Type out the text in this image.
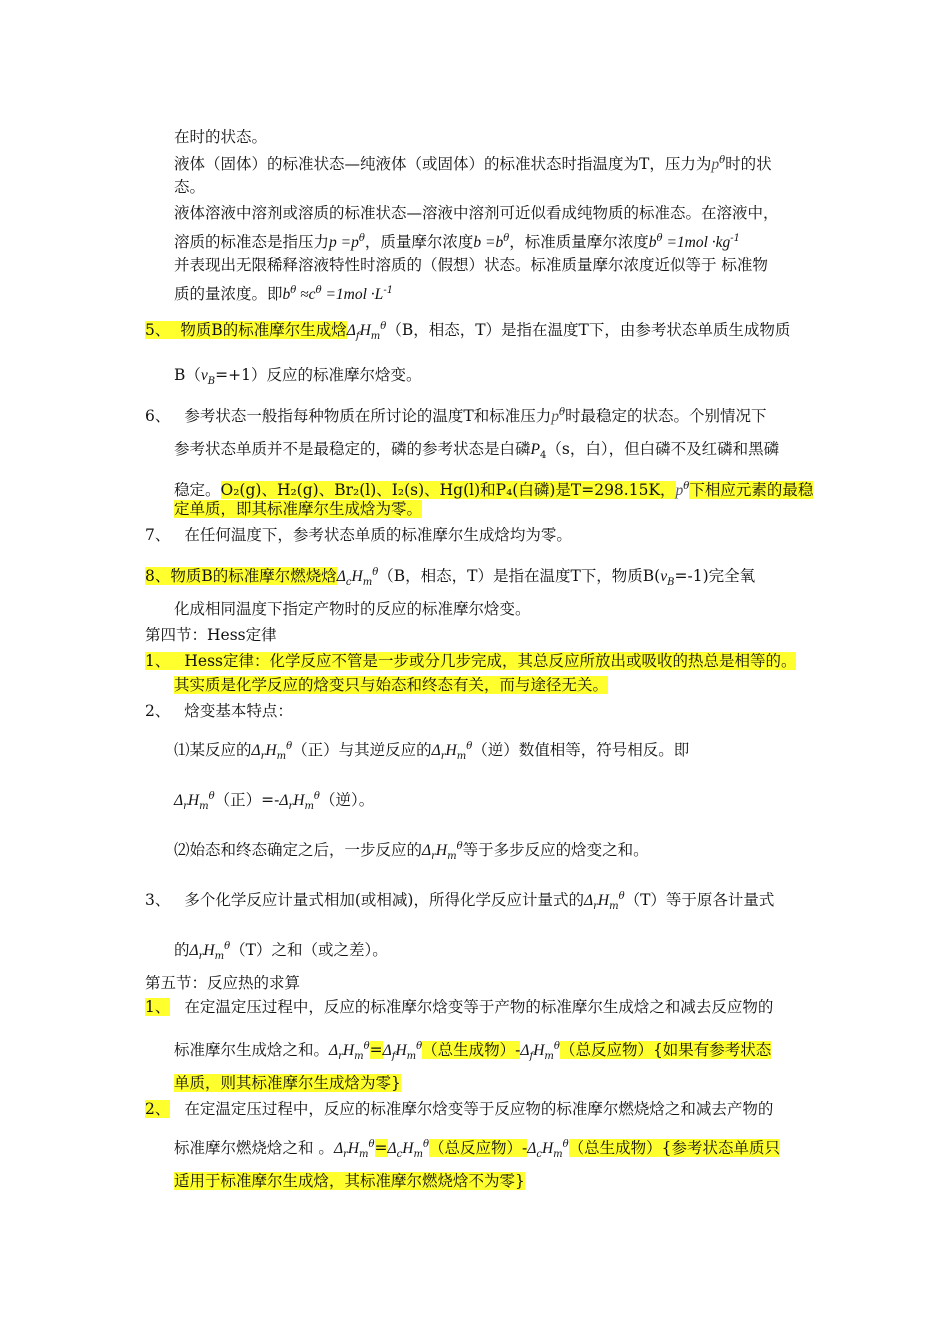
在时的状态。
液体（固体）的标准状态—纯液体（或固体）的标准状态时指温度为T，压力为$p^\theta$时的状
态。
液体溶液中溶剂或溶质的标准状态—溶液中溶剂可近似看成纯物质的标准态。在溶液中，
溶质的标准态是指压力$p =p^\theta$，质量摩尔浓度$b =b^\theta$，标准质量摩尔浓度$b^\theta =1mol \cdot kg^{-1}$
并表现出无限稀释溶液特性时溶质的（假想）状态。标准质量摩尔浓度近似等于 标准物
质的量浓度。即$b^\theta \approx c^\theta =1mol \cdot L^{-1}$
5、 物质B的标准摩尔生成焓$\Delta_fH_m^\theta(B$，相态，T）是指在温度T下，由参考状态单质生成物质
$B(\nu_B=+1)$反应的标准摩尔焓变。
6、 参考状态一般指每种物质在所讨论的温度T和标准压力$p^\theta$时最稳定的状态。个别情况下
参考状态单质并不是最稳定的，磷的参考状态是白磷$P_4(s$，白），但白磷不及红磷和黑磷
稳定。O₂(g)、H₂(g)、Br₂(l)、I₂(s)、Hg(l)和P₄(白磷)是T=298.15K，$p^\theta$下相应元素的最稳
定单质，即其标准摩尔生成焓为零。
7、 在任何温度下，参考状态单质的标准摩尔生成焓均为零。
8、物质B的标准摩尔燃烧焓$\Delta_cH_m^\theta(B$，相态，T）是指在温度T下，物质$B(\nu_B=-1)$完全氧
化成相同温度下指定产物时的反应的标准摩尔焓变。
第四节：Hess定律
1、 Hess定律：化学反应不管是一步或分几步完成，其总反应所放出或吸收的热总是相等的。
其实质是化学反应的焓变只与始态和终态有关，而与途径无关。
2、 焓变基本特点：
⑴某反应的$\Delta_rH_m^\theta$（正）与其逆反应的$\Delta_rH_m^\theta$（逆）数值相等，符号相反。即
$\Delta_rH_m^\theta$（正）$=-\Delta_rH_m^\theta$（逆）。
⑵始态和终态确定之后，一步反应的$\Delta_rH_m^\theta$等于多步反应的焓变之和。
3、 多个化学反应计量式相加(或相减)，所得化学反应计量式的$\Delta_rH_m^\theta(T)$等于原各计量式
的$\Delta_rH_m^\theta(T)$之和（或之差）。
第五节：反应热的求算
1、 在定温定压过程中，反应的标准摩尔焓变等于产物的标准摩尔生成焓之和减去反应物的
标准摩尔生成焓之和。$\Delta_rH_m^\theta=\Delta_fH_m^\theta$（总生成物）$-\Delta_fH_m^\theta$（总反应物）{如果有参考状态
单质，则其标准摩尔生成焓为零}
2、 在定温定压过程中，反应的标准摩尔焓变等于反应物的标准摩尔燃烧焓之和减去产物的
标准摩尔燃烧焓之和 。$\Delta_rH_m^\theta=\Delta_cH_m^\theta$（总反应物）$-\Delta_cH_m^\theta$（总生成物）{参考状态单质只
适用于标准摩尔生成焓，其标准摩尔燃烧焓不为零}
